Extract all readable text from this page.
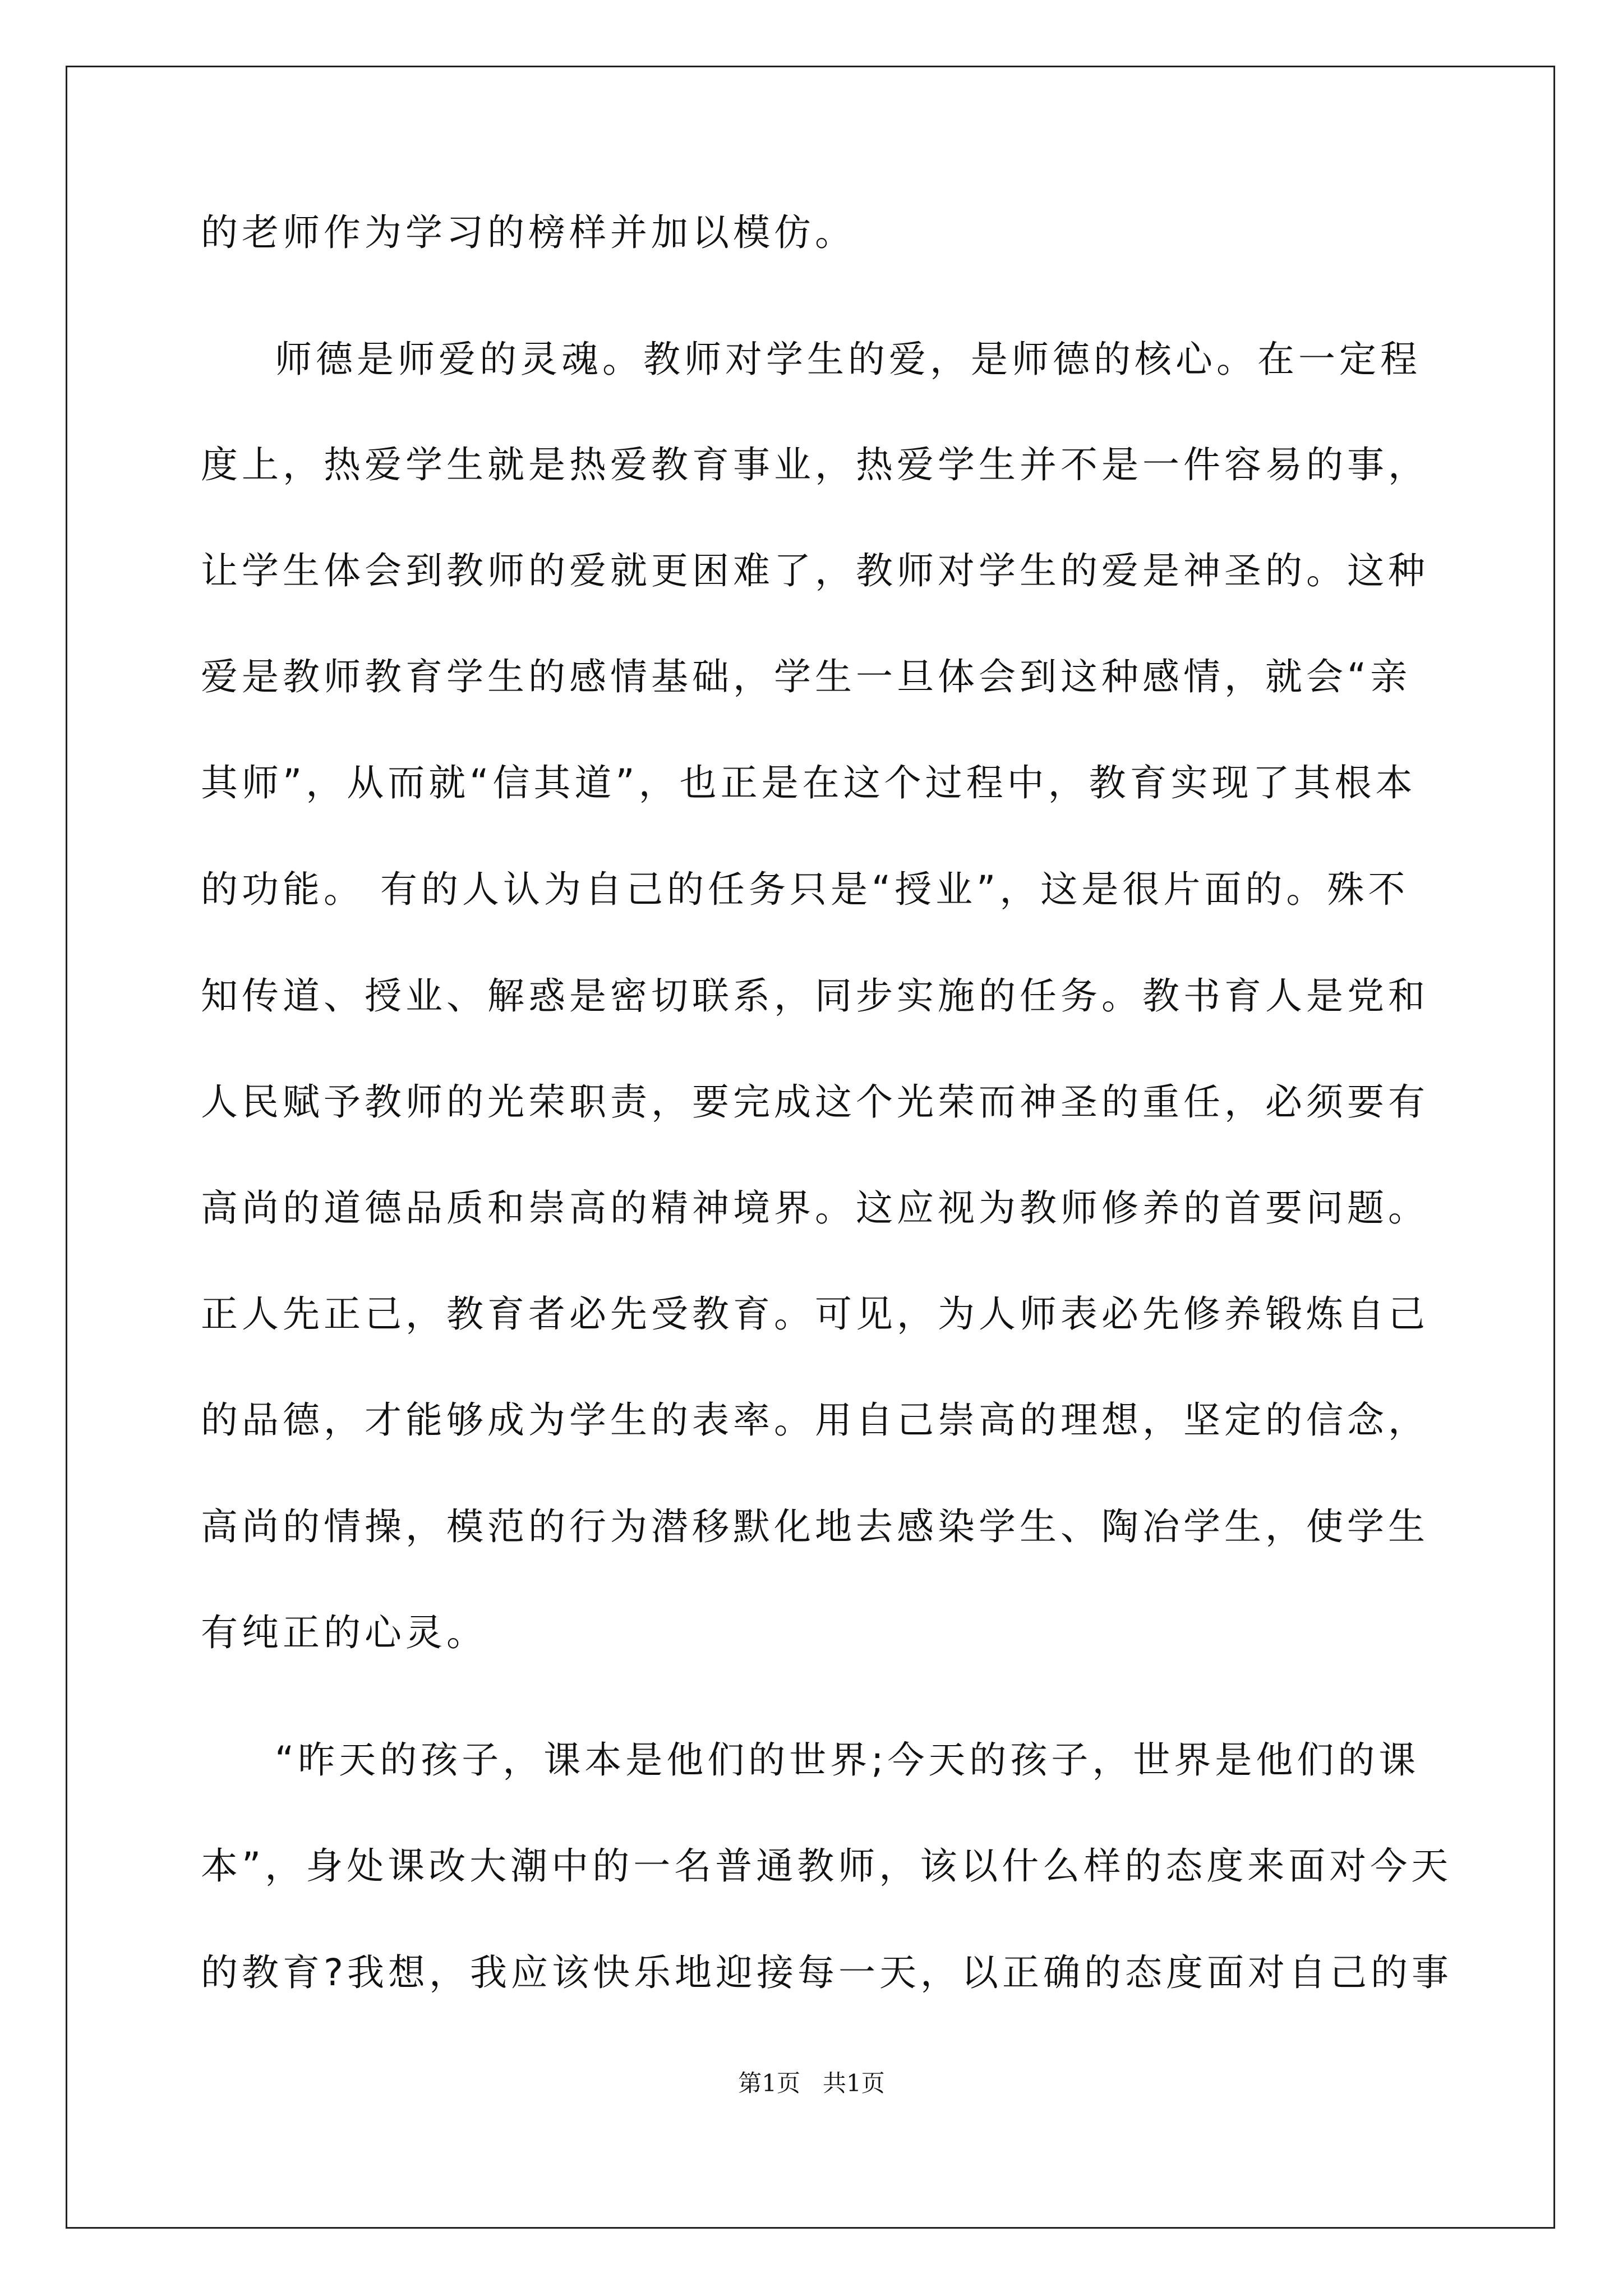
的老师作为学习的榜样并加以模仿。

师德是师爱的灵魂。教师对学生的爱，是师德的核心。在一定程

度上，热爱学生就是热爱教育事业，热爱学生并不是一件容易的事，

让学生体会到教师的爱就更困难了，教师对学生的爱是神圣的。这种

爱是教师教育学生的感情基础，学生一旦体会到这种感情，就会“亲

其师”，从而就“信其道”，也正是在这个过程中，教育实现了其根本

的功能。 有的人认为自己的任务只是“授业”，这是很片面的。殊不

知传道、授业、解惑是密切联系，同步实施的任务。教书育人是党和

人民赋予教师的光荣职责，要完成这个光荣而神圣的重任，必须要有

高尚的道德品质和崇高的精神境界。这应视为教师修养的首要问题。

正人先正己，教育者必先受教育。可见，为人师表必先修养锻炼自己

的品德，才能够成为学生的表率。用自己崇高的理想，坚定的信念，

高尚的情操，模范的行为潜移默化地去感染学生、陶冶学生，使学生

有纯正的心灵。

“昨天的孩子，课本是他们的世界;今天的孩子，世界是他们的课

本”，身处课改大潮中的一名普通教师，该以什么样的态度来面对今天

的教育?我想，我应该快乐地迎接每一天，以正确的态度面对自己的事

第1页   共1页
